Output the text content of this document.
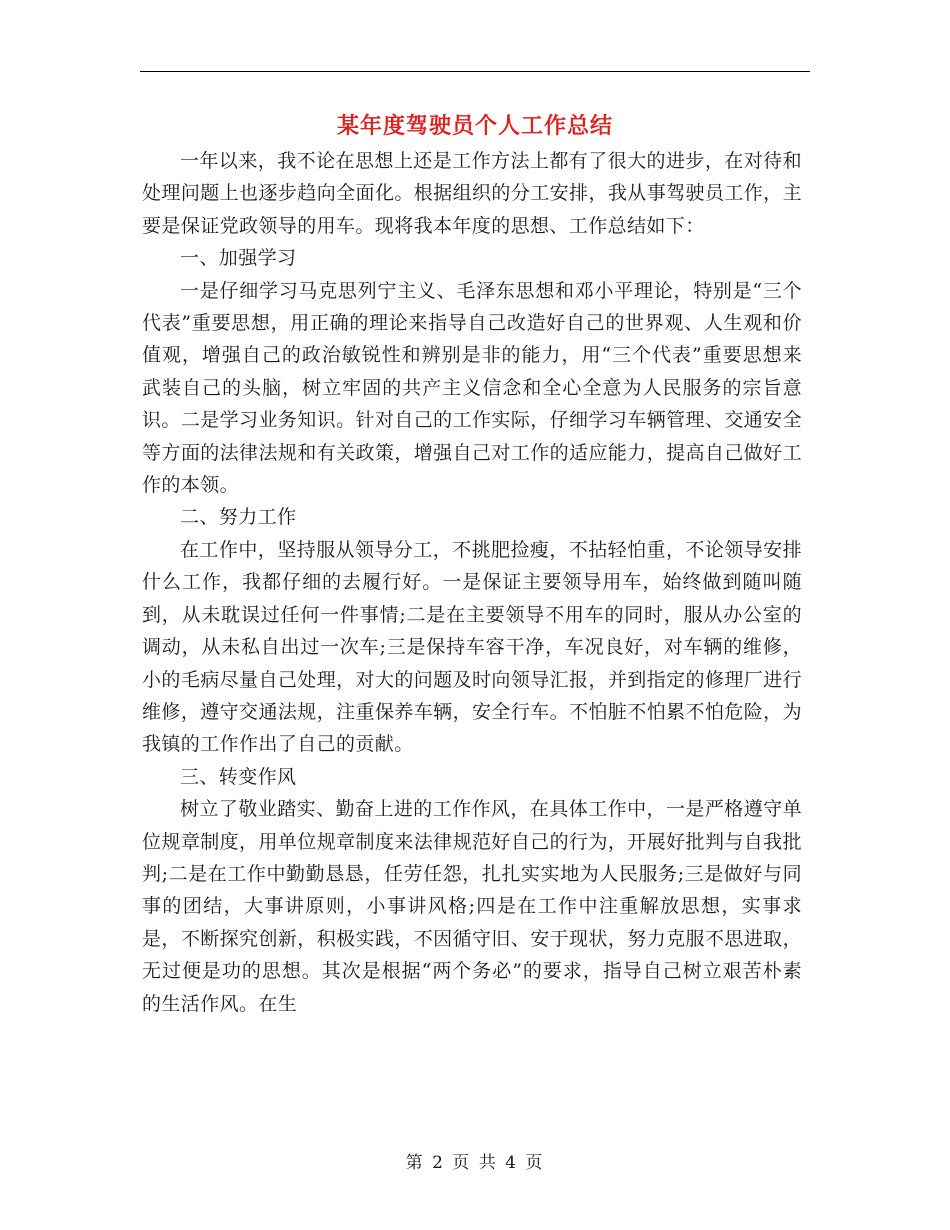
某年度驾驶员个人工作总结

一年以来，我不论在思想上还是工作方法上都有了很大的进步，在对待和处理问题上也逐步趋向全面化。根据组织的分工安排，我从事驾驶员工作，主要是保证党政领导的用车。现将我本年度的思想、工作总结如下：

一、加强学习

一是仔细学习马克思列宁主义、毛泽东思想和邓小平理论，特别是“三个代表”重要思想，用正确的理论来指导自己改造好自己的世界观、人生观和价值观，增强自己的政治敏锐性和辨别是非的能力，用“三个代表”重要思想来武装自己的头脑，树立牢固的共产主义信念和全心全意为人民服务的宗旨意识。二是学习业务知识。针对自己的工作实际，仔细学习车辆管理、交通安全等方面的法律法规和有关政策，增强自己对工作的适应能力，提高自己做好工作的本领。

二、努力工作

在工作中，坚持服从领导分工，不挑肥捡瘦，不拈轻怕重，不论领导安排什么工作，我都仔细的去履行好。一是保证主要领导用车，始终做到随叫随到，从未耽误过任何一件事情;二是在主要领导不用车的同时，服从办公室的调动，从未私自出过一次车;三是保持车容干净，车况良好，对车辆的维修，小的毛病尽量自己处理，对大的问题及时向领导汇报，并到指定的修理厂进行维修，遵守交通法规，注重保养车辆，安全行车。不怕脏不怕累不怕危险，为我镇的工作作出了自己的贡献。

三、转变作风

树立了敬业踏实、勤奋上进的工作作风，在具体工作中，一是严格遵守单位规章制度，用单位规章制度来法律规范好自己的行为，开展好批判与自我批判;二是在工作中勤勤恳恳，任劳任怨，扎扎实实地为人民服务;三是做好与同事的团结，大事讲原则，小事讲风格;四是在工作中注重解放思想，实事求是，不断探究创新，积极实践，不因循守旧、安于现状，努力克服不思进取，无过便是功的思想。其次是根据“两个务必”的要求，指导自己树立艰苦朴素的生活作风。在生

第 2 页 共 4 页
